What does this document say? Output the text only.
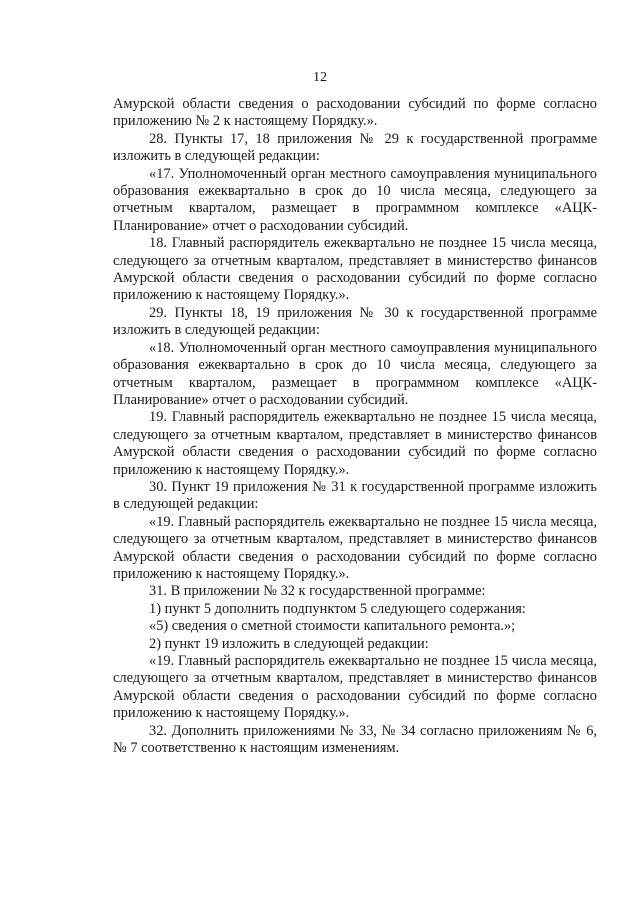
12

Амурской области сведения о расходовании субсидий по форме согласно приложению № 2 к настоящему Порядку.».

28. Пункты 17, 18 приложения № 29 к государственной программе изложить в следующей редакции:

«17. Уполномоченный орган местного самоуправления муниципального образования ежеквартально в срок до 10 числа месяца, следующего за отчетным кварталом, размещает в программном комплексе «АЦК-Планирование» отчет о расходовании субсидий.

18. Главный распорядитель ежеквартально не позднее 15 числа месяца, следующего за отчетным кварталом, представляет в министерство финансов Амурской области сведения о расходовании субсидий по форме согласно приложению к настоящему Порядку.».

29. Пункты 18, 19 приложения № 30 к государственной программе изложить в следующей редакции:

«18. Уполномоченный орган местного самоуправления муниципального образования ежеквартально в срок до 10 числа месяца, следующего за отчетным кварталом, размещает в программном комплексе «АЦК-Планирование» отчет о расходовании субсидий.

19. Главный распорядитель ежеквартально не позднее 15 числа месяца, следующего за отчетным кварталом, представляет в министерство финансов Амурской области сведения о расходовании субсидий по форме согласно приложению к настоящему Порядку.».

30. Пункт 19 приложения № 31 к государственной программе изложить в следующей редакции:

«19. Главный распорядитель ежеквартально не позднее 15 числа месяца, следующего за отчетным кварталом, представляет в министерство финансов Амурской области сведения о расходовании субсидий по форме согласно приложению к настоящему Порядку.».

31. В приложении № 32 к государственной программе:

1) пункт 5 дополнить подпунктом 5 следующего содержания:

«5) сведения о сметной стоимости капитального ремонта.»;

2) пункт 19 изложить в следующей редакции:

«19. Главный распорядитель ежеквартально не позднее 15 числа месяца, следующего за отчетным кварталом, представляет в министерство финансов Амурской области сведения о расходовании субсидий по форме согласно приложению к настоящему Порядку.».

32. Дополнить приложениями № 33, № 34 согласно приложениям № 6, № 7 соответственно к настоящим изменениям.
